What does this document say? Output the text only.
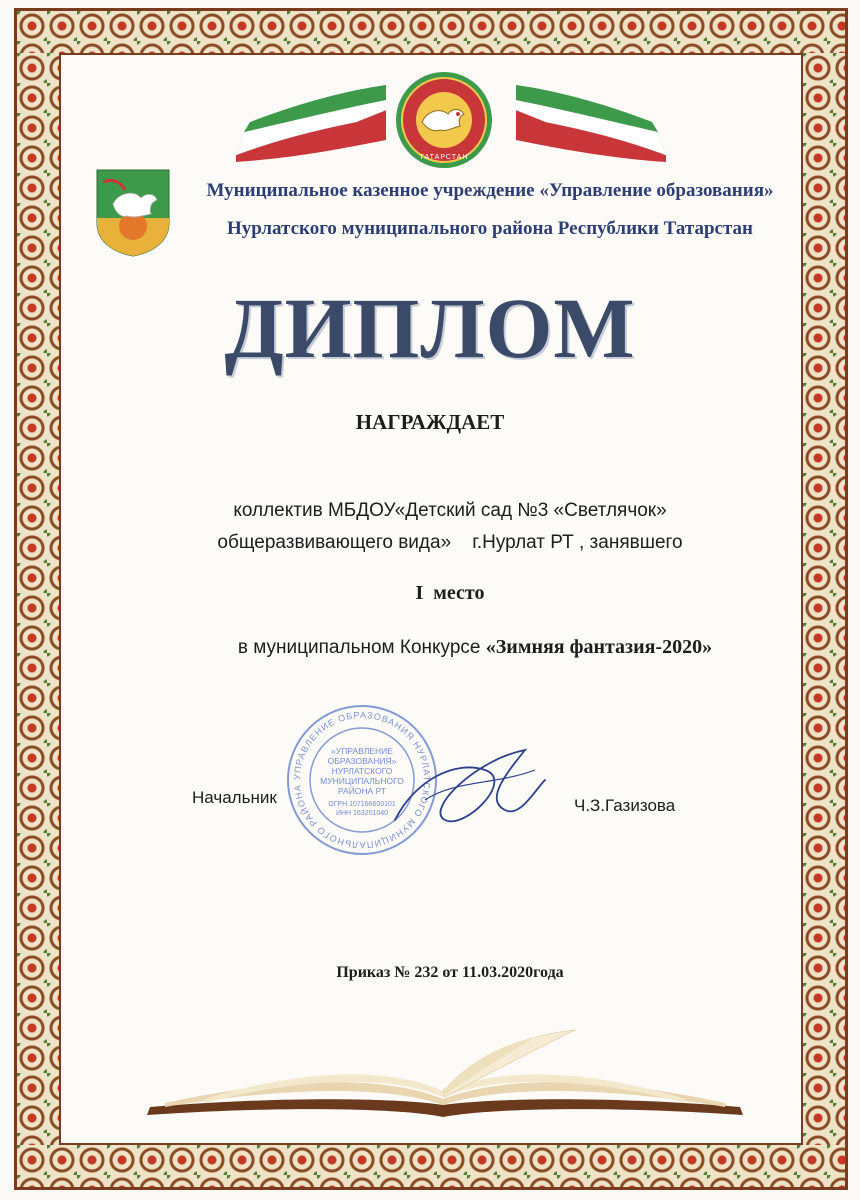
ТАТАРСТАН
Муниципальное казенное учреждение «Управление образования»
Нурлатского муниципального района Республики Татарстан
ДИПЛОМ
НАГРАЖДАЕТ
коллектив МБДОУ«Детский сад №3 «Светлячок»
общеразвивающего вида»    г.Нурлат РТ , занявшего
I  место
в муниципальном Конкурсе «Зимняя фантазия-2020»
Начальник
УПРАВЛЕНИЕ ОБРАЗОВАНИЯ НУРЛАТСКОГО МУНИЦИПАЛЬНОГО РАЙОНА
«УПРАВЛЕНИЕ
ОБРАЗОВАНИЯ»
НУРЛАТСКОГО
МУНИЦИПАЛЬНОГО
РАЙОНА РТ
ОГРН 107166600101
ИНН 163201040	Ч.З.Газизова
Приказ № 232 от 11.03.2020года
